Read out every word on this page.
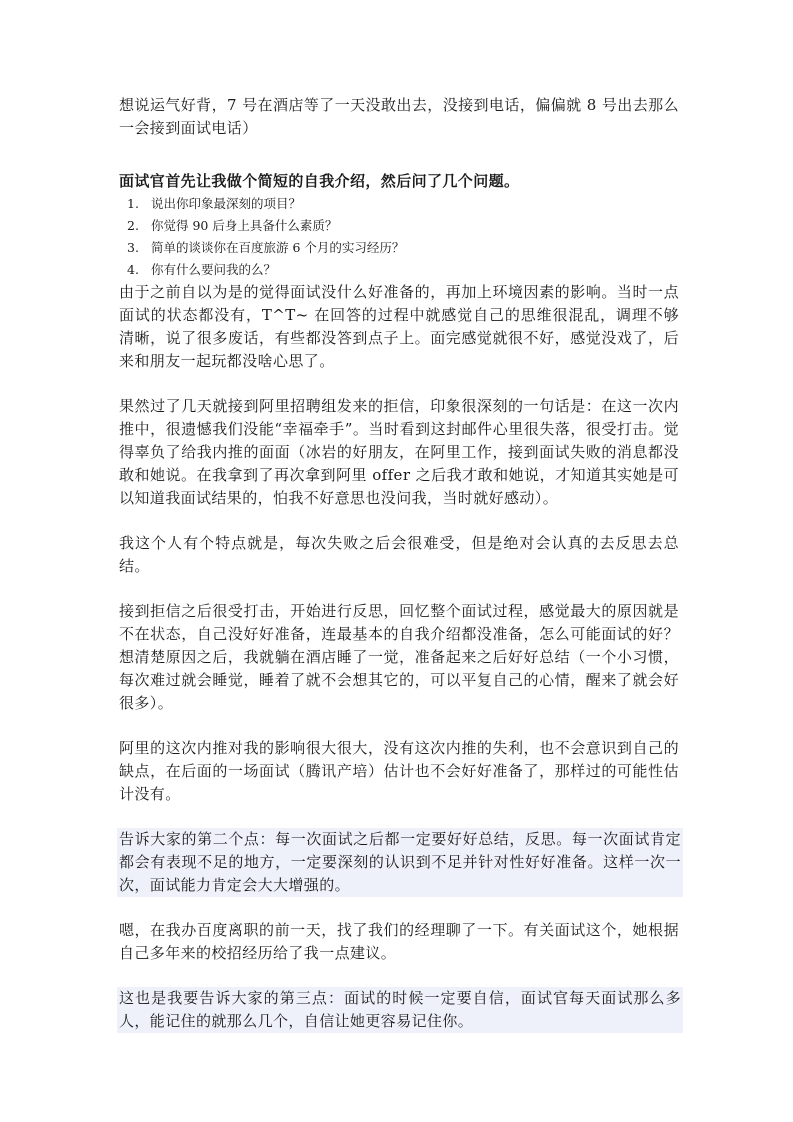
想说运气好背，7 号在酒店等了一天没敢出去，没接到电话，偏偏就 8 号出去那么一会接到面试电话）

面试官首先让我做个简短的自我介绍，然后问了几个问题。

1. 说出你印象最深刻的项目？
2. 你觉得 90 后身上具备什么素质？
3. 简单的谈谈你在百度旅游 6 个月的实习经历？
4. 你有什么要问我的么？

由于之前自以为是的觉得面试没什么好准备的，再加上环境因素的影响。当时一点面试的状态都没有，T^T~ 在回答的过程中就感觉自己的思维很混乱，调理不够清晰，说了很多废话，有些都没答到点子上。面完感觉就很不好，感觉没戏了，后来和朋友一起玩都没啥心思了。

果然过了几天就接到阿里招聘组发来的拒信，印象很深刻的一句话是：在这一次内推中，很遗憾我们没能“幸福牵手”。当时看到这封邮件心里很失落，很受打击。觉得辜负了给我内推的面面（冰岩的好朋友，在阿里工作，接到面试失败的消息都没敢和她说。在我拿到了再次拿到阿里 offer 之后我才敢和她说，才知道其实她是可以知道我面试结果的，怕我不好意思也没问我，当时就好感动）。

我这个人有个特点就是，每次失败之后会很难受，但是绝对会认真的去反思去总结。

接到拒信之后很受打击，开始进行反思，回忆整个面试过程，感觉最大的原因就是不在状态，自己没好好准备，连最基本的自我介绍都没准备，怎么可能面试的好？ 想清楚原因之后，我就躺在酒店睡了一觉，准备起来之后好好总结（一个小习惯，每次难过就会睡觉，睡着了就不会想其它的，可以平复自己的心情，醒来了就会好很多）。

阿里的这次内推对我的影响很大很大，没有这次内推的失利，也不会意识到自己的缺点，在后面的一场面试（腾讯产培）估计也不会好好准备了，那样过的可能性估计没有。

告诉大家的第二个点：每一次面试之后都一定要好好总结，反思。每一次面试肯定都会有表现不足的地方，一定要深刻的认识到不足并针对性好好准备。这样一次一次，面试能力肯定会大大增强的。

嗯，在我办百度离职的前一天，找了我们的经理聊了一下。有关面试这个，她根据自己多年来的校招经历给了我一点建议。

这也是我要告诉大家的第三点：面试的时候一定要自信，面试官每天面试那么多人，能记住的就那么几个，自信让她更容易记住你。
